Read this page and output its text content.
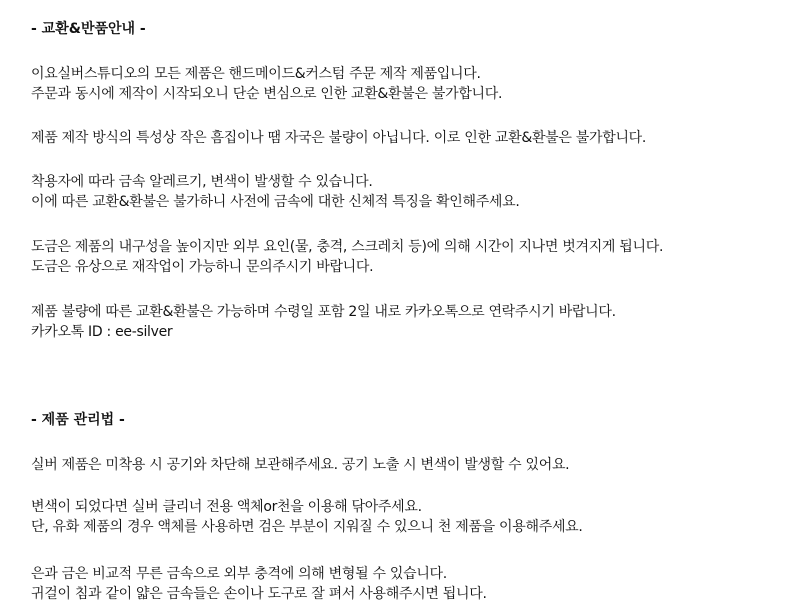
- 교환&반품안내 -
이요실버스튜디오의 모든 제품은 핸드메이드&커스텀 주문 제작 제품입니다.
주문과 동시에 제작이 시작되오니 단순 변심으로 인한 교환&환불은 불가합니다.
제품 제작 방식의 특성상 작은 흠집이나 땜 자국은 불량이 아닙니다. 이로 인한 교환&환불은 불가합니다.
착용자에 따라 금속 알레르기, 변색이 발생할 수 있습니다.
이에 따른 교환&환불은 불가하니 사전에 금속에 대한 신체적 특징을 확인해주세요.
도금은 제품의 내구성을 높이지만 외부 요인(물, 충격, 스크레치 등)에 의해 시간이 지나면 벗겨지게 됩니다.
도금은 유상으로 재작업이 가능하니 문의주시기 바랍니다.
제품 불량에 따른 교환&환불은 가능하며 수령일 포함 2일 내로 카카오톡으로 연락주시기 바랍니다.
카카오톡 ID : ee-silver
- 제품 관리법 -
실버 제품은 미착용 시 공기와 차단해 보관해주세요. 공기 노출 시 변색이 발생할 수 있어요.
변색이 되었다면 실버 클리너 전용 액체or천을 이용해 닦아주세요.
단, 유화 제품의 경우 액체를 사용하면 검은 부분이 지워질 수 있으니 천 제품을 이용해주세요.
은과 금은 비교적 무른 금속으로 외부 충격에 의해 변형될 수 있습니다.
귀걸이 침과 같이 얇은 금속들은 손이나 도구로 잘 펴서 사용해주시면 됩니다.
